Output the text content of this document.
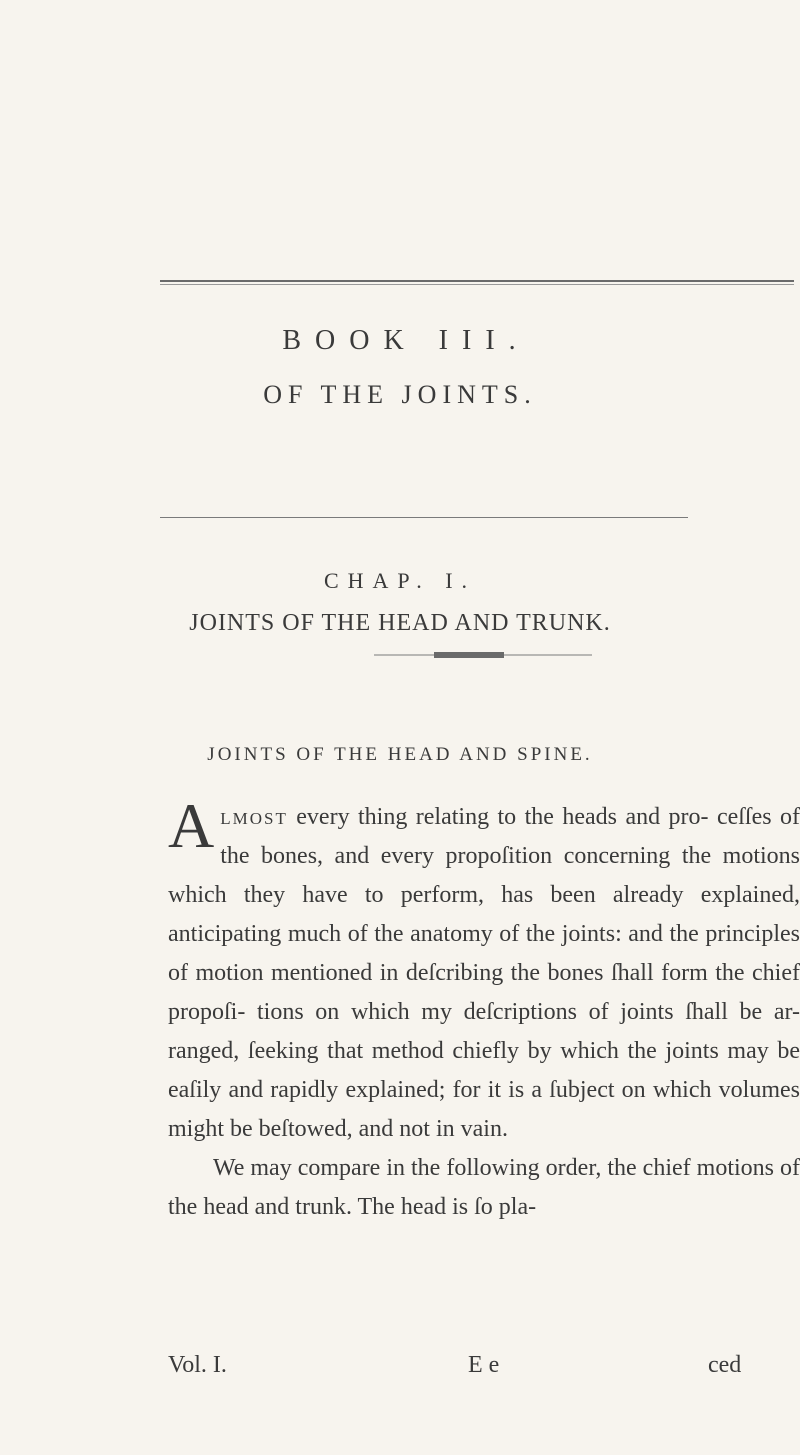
BOOK III.
OF THE JOINTS.
CHAP. I.
JOINTS OF THE HEAD AND TRUNK.
JOINTS OF THE HEAD AND SPINE.

Almost every thing relating to the heads and pro- ceſſes of the bones, and every propoſition concerning the motions which they have to perform, has been already explained, anticipating much of the anatomy of the joints: and the principles of motion mentioned in deſcribing the bones ſhall form the chief propoſi- tions on which my deſcriptions of joints ſhall be ar- ranged, ſeeking that method chiefly by which the joints may be eaſily and rapidly explained; for it is a ſubject on which volumes might be beſtowed, and not in vain.

We may compare in the following order, the chief motions of the head and trunk. The head is ſo pla-

Vol. I.	E e	ced
